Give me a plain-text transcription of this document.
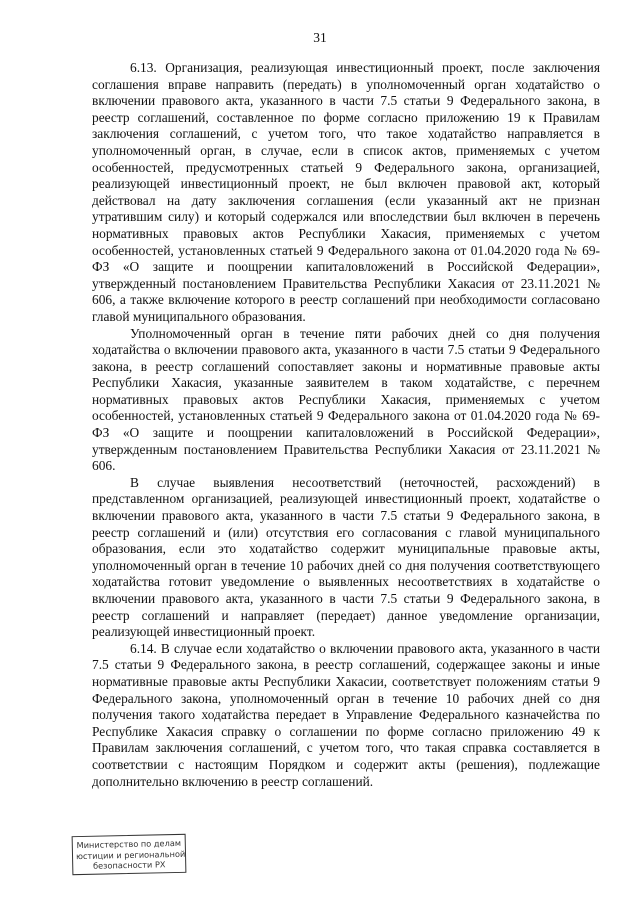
31

6.13. Организация, реализующая инвестиционный проект, после заключения соглашения вправе направить (передать) в уполномоченный орган ходатайство о включении правового акта, указанного в части 7.5 статьи 9 Федерального закона, в реестр соглашений, составленное по форме согласно приложению 19 к Правилам заключения соглашений, с учетом того, что такое ходатайство направляется в уполномоченный орган, в случае, если в список актов, применяемых с учетом особенностей, предусмотренных статьей 9 Федерального закона, организацией, реализующей инвестиционный проект, не был включен правовой акт, который действовал на дату заключения соглашения (если указанный акт не признан утратившим силу) и который содержался или впоследствии был включен в перечень нормативных правовых актов Республики Хакасия, применяемых с учетом особенностей, установленных статьей 9 Федерального закона от 01.04.2020 года № 69-ФЗ «О защите и поощрении капиталовложений в Российской Федерации», утвержденный постановлением Правительства Республики Хакасия от 23.11.2021 № 606, а также включение которого в реестр соглашений при необходимости согласовано главой муниципального образования.

Уполномоченный орган в течение пяти рабочих дней со дня получения ходатайства о включении правового акта, указанного в части 7.5 статьи 9 Федерального закона, в реестр соглашений сопоставляет законы и нормативные правовые акты Республики Хакасия, указанные заявителем в таком ходатайстве, с перечнем нормативных правовых актов Республики Хакасия, применяемых с учетом особенностей, установленных статьей 9 Федерального закона от 01.04.2020 года № 69-ФЗ «О защите и поощрении капиталовложений в Российской Федерации», утвержденным постановлением Правительства Республики Хакасия от 23.11.2021 № 606.

В случае выявления несоответствий (неточностей, расхождений) в представленном организацией, реализующей инвестиционный проект, ходатайстве о включении правового акта, указанного в части 7.5 статьи 9 Федерального закона, в реестр соглашений и (или) отсутствия его согласования с главой муниципального образования, если это ходатайство содержит муниципальные правовые акты, уполномоченный орган в течение 10 рабочих дней со дня получения соответствующего ходатайства готовит уведомление о выявленных несоответствиях в ходатайстве о включении правового акта, указанного в части 7.5 статьи 9 Федерального закона, в реестр соглашений и направляет (передает) данное уведомление организации, реализующей инвестиционный проект.

6.14. В случае если ходатайство о включении правового акта, указанного в части 7.5 статьи 9 Федерального закона, в реестр соглашений, содержащее законы и иные нормативные правовые акты Республики Хакасии, соответствует положениям статьи 9 Федерального закона, уполномоченный орган в течение 10 рабочих дней со дня получения такого ходатайства передает в Управление Федерального казначейства по Республике Хакасия справку о соглашении по форме согласно приложению 49 к Правилам заключения соглашений, с учетом того, что такая справка составляется в соответствии с настоящим Порядком и содержит акты (решения), подлежащие дополнительно включению в реестр соглашений.

Министерство по делам
юстиции и региональной
безопасности РХ
